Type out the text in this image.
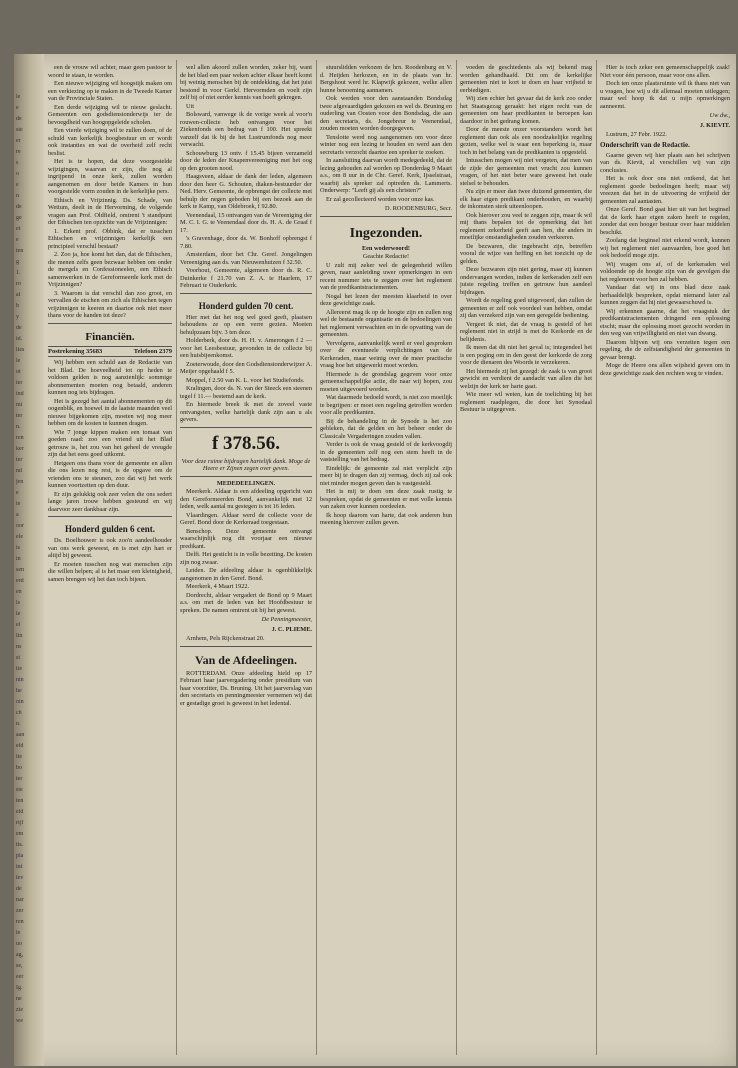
le
e
de
ste
er
re
s
o
e
n
de
ge
et
e
ten
g
1.
ro
al
b
y
de
id.
lies
le
ot
ier
ind
mi
ter
n.
ren
ker
ter
nd
jen
e
ie
a
oor
ele
is
in
sen
erd
en
ls
le
el
lin
ns
st
tie
nin
he
oin
ch
n.
aan
eld
ite
bo
ter
ste
ten
eld
rijf
em
tts.
pla
int
lev
de
nar
zer
ren
ie
uo
ag,
se,
eer
Ig.
ne
zie
we

een de vrouw wil achter, maar geen pastoor te woord te staan, te worden.

Een nieuwe wijziging wil hoogstijk maken om een verkiezing op te maken in de Tweede Kamer van de Provinciale Staten.

Een derde wijziging wil te nieuw geslacht. Gemeenten een godsdienstonderwijs ter de bevoegdheid van hoogopgeleide scholen.

Een vierde wijziging wil te zullen doen, of de schuld van kerkelijk hoogbestuur en er wordt ook instanties en wat de overheid zelf recht beslist.

Het is te hopen, dat deze voorgestelde wijzigingen, waarvan er zijn, die nog al ingrijpend in onze kerk, zullen worden aangenomen en door beide Kamers in hun voorgestelde vorm zouden in de kerkelijke pers.

Ethisch en Vrijzinnig. Ds. Schade, van Wettum, deelt in de Hervorming, de volgende vragen aan Prof. Oldfield, omtrent 't standpunt der Ethischen ten opzichte van de Vrijzinnigen:

1. Erkent prof. Obbink, dat er tusschen Ethischen en vrijzinnigen kerkelijk een principieel verschil bestaat?

2. Zoo ja, hoe komt het dan, dat de Ethischen, die menen zelfs geen bezwaar hebben om onder de mergels en Confessioneelen, een Ethisch samenwerken in de Gereformeerde kerk met de Vrijzinnigen?

3. Waarom is dat verschil dan zoo groot, en vervallen de eischen om zich als Ethischen tegen vrijzinnigen te keeren en daartoe ook niet meer thans voor de handen tot deze?

Financiën.
Postrekening 35683	Telefoon 2379

Wij hebben een schuld aan de Redactie van het Blad. De hoeveelheid tot op heden te voldoen gelden is nog aanzienlijk: sommige abonnementen moeten nog betaald, anderen kunnen nog iets bijdragen.

Het is gezegd het aantal abonnementen op dit oogenblik, en hoewel in de laatste maanden veel nieuwe bijgekomen zijn, moeten wij nog meer hebben om de kosten te kunnen dragen.

Wie 7 jonge kippen maken een tomaat van goeden raad: zoo een vriend uit het Blad getrouw is, het zou van het geheel de vreugde zijn dat het eens goed uitkomt.

Hetgeen ons thans voor de gemeente en allen die ons lezen nog rest, is de opgave om de vrienden ons te steunen, zoo dat wij het werk kunnen voortzetten op den duur.

Er zijn gelukkig ook zeer velen die ons sedert lange jaren trouw hebben gesteund en wij daarvoor zeer dankbaar zijn.

Honderd gulden 6 cent.

Ds. Boelhouwer is ook zoo'n aandeelhouder van ons werk geweest, en is met zijn hart er altijd bij geweest.

Er moeten tusschen nog wat menschen zijn die willen helpen; al is het maar een kleinigheid, samen brengen wij het dan toch bijeen.

wel allen akoord zullen worden, zeker bij, want de het blad een paar weken achter elkaar heeft komt bij weinig menschen bij de ontdekking, dat het juist bestond in voor Gerkf. Hervormden en voelt zijn zelf bij of niet eerder kennis van hoeft gekregen.

Uit

Bolsward, vanwege ik de vorige week al voor'n rouwen-collecte heb ontvangen voor het Ziekenfonds een bedrag van f 100. Het spreekt vanzelf dat ik bij de het Lustrumfonds nog meer verwacht.

Schouwburg 13 ontv. f 15.45 bijeen verzameld door de leden der Knapenvereeniging met het oog op den grooten nood.

Haagsveen, aldaar de dank der leden, algemeen door den heer G. Schouten, diaken-bestuurder der Ned. Herv. Gemeente, de opbrengst der collecte met behulp der negen geboden bij een bezoek aan de kerk te Kamp, van Oldebroek, f 92.80.

Veenendaal, 15 ontvangen van de Vereeniging der M. C. I. G. te Veenendaal door ds. H. A. de Graaf f 17.

's Gravenhage, door ds. W. Bonhoff opbrengst f 7.80.

Amsterdam, door het Chr. Geref. Jongelingen Vereeniging aan ds. van Nieuwenhuizen f 32.50.

Voorhout, Gemeente, algemeen door ds. R. C. Duinkerke f 21.70 van Z. A. te Haarlem, 17 Februari te Ouderkerk.

Honderd gulden 70 cent.

Hier met dat het nog wel goed geeft, plaatsen behoudens ze op een verre gezien. Moeten behulpzaam bijv. 3 ten deze.

Holderberk, door ds. H. H. v. Amerongen f 2 — voor het Leesbestuur, gevonden in de collecte bij een huisbijeenkomst.

Zoeterwoude, door den Godsdienstonderwijzer A. Meijer opgehaald f 5.

Moppel, f 2.50 van K. L. voor het Studiefonds.

Kralingen, door ds. N. van der Steeck een steenen tegel f 11.— bestemd aan de kerk.

En hiermede breek ik met de zoveel vaste ontvangsten, welke hartelijk dank zijn aan u als gevers.

f 378.56.

Voor deze ruime bijdragen hartelijk dank. Moge de Heere er Zijnen zegen over geven.

MEDEDEELINGEN.

Meerkerk. Aldaar is een afdeeling opgericht van den Gereformeerden Bond, aanvankelijk met 12 leden, welk aantal nu gestegen is tot 16 leden.

Vlaardingen. Aldaar werd de collecte voor de Geref. Bond door de Kerkeraad toegestaan.

Benschop. Deze gemeente ontvangt waarschijnlijk nog dit voorjaar een nieuwe predikant.

Delft. Het gesticht is in volle bezetting. De kosten zijn nog zwaar.

Leiden. De afdeeling aldaar is ogenblikkelijk aangenomen in den Geref. Bond.

Meerkerk, 4 Maart 1922.

Dordrecht, aldaar vergadert de Bond op 9 Maart a.s. om met de leden van het Hoofdbestuur te spreken. De namen omtrent uit bij het gewest.

De Penningmeester,
J. C. PLIEME.

Arnhem, Pels Rijckenstraat 20.

Van de Afdeelingen.

ROTTERDAM. Onze afdeeling hield op 17 Februari haar jaarvergadering onder presidium van haar voorzitter, Ds. Bruning. Uit het jaarverslag van den secretaris en penningmeester vernemen wij dat er gestadige groei is geweest in het ledental.

stuurslidden verkozen de hrn. Roodenburg en V. d. Heijden herkozen, en in de plaats van hr. Bergshout werd hr. Klapwijk gekozen, welke allen hunne benoeming aannamen.

Ook werden voor den aanstaanden Bondsdag twee afgevaardigden gekozen en wel ds. Bruning en ouderling van Oosten voor den Bondsdag, die aan den secretaris, ds. Jongebreur te Veenendaal, zouden moeten worden doorgegeven.

Tenslotte werd nog aangenomen om voor deze winter nog een lezing te houden en werd aan den secretaris verzocht daartoe een spreker te zoeken.

In aansluiting daarvan wordt medegedeeld, dat de lezing gehouden zal worden op Donderdag 9 Maart a.s., om 8 uur in de Chr. Geref. Kerk, Ijsselstraat, waarbij als spreker zal optreden ds. Lammerts. Onderwerp: "Leeft gij als een christen?"

Er zal gecollecteerd worden voor onze kas.

D. ROODENBURG, Secr.
Ingezonden.

Een woderwoord!

Geachte Redactie!

U zult mij zeker wel de gelegenheid willen geven, naar aanleiding uwer opmerkingen in een recent nummer iets te zeggen over het reglement van de predikantstractementen.

Nogal het lezen der meesten klaarheid in over deze gewichtige zaak.

Allereerst mag ik op de hoogte zijn en zullen nog wel de bestaande organisatie en de bedoelingen van het reglement verwachten en in de opvatting van de gemeenten.

Vervolgens, aanvankelijk werd er veel gesproken over de eventueele verplichtingen van de Kerkeraden, maar weinig over de meer practische vraag hoe het uitgewerkt moet worden.

Hiermede is de grondslag gegeven voor onze gemeenschappelijke actie, die naar wij hopen, zou moeten uitgevoerd worden.

Wat daarmede bedoeld wordt, is niet zoo moeilijk te begrijpen: er moet een regeling getroffen worden voor alle predikanten.

Bij de behandeling in de Synode is het zoo gebleken, dat de gelden en het beheer onder de Classicale Vergaderingen zouden vallen.

Verder is ook de vraag gesteld of de kerkvoogdij in de gemeenten zelf nog een stem heeft in de vaststelling van het bedrag.

Eindelijk: de gemeente zal niet verplicht zijn meer bij te dragen dan zij vermag, doch zij zal ook niet minder mogen geven dan is vastgesteld.

Het is mij te doen om deze zaak rustig te bespreken, opdat de gemeenten er met volle kennis van zaken over kunnen oordeelen.

Ik hoop daarom van harte, dat ook anderen hun meening hierover zullen geven.

voeden de geschiedenis als wij bekend mag worden gehandhaafd. Dit om de kerkelijke gemeenten niet te kort te doen en haar vrijheid te eerbiedigen.

Wij zien echter het gevaar dat de kerk zoo onder het Staatsgezag geraakt: het eigen recht van de gemeenten om haar predikanten te beroepen kan daardoor in het gedrang komen.

Door de meeste onzer voorstanders wordt het reglement dan ook als een noodzakelijke regeling gezien, welke wel is waar een beperking is, maar toch in het belang van de predikanten is opgesteld.

Intusschen mogen wij niet vergeten, dat men van de zijde der gemeenten met vrucht zou kunnen vragen, of het niet beter ware geweest het oude stelsel te behouden.

Nu zijn er meer dan twee duizend gemeenten, die elk haar eigen predikant onderhouden, en waarbij de inkomsten sterk uiteenloopen.

Ook hierover zou veel te zeggen zijn, maar ik wil mij thans bepalen tot de opmerking dat het reglement zekerheid geeft aan hen, die anders in moeilijke omstandigheden zouden verkeeren.

De bezwaren, die ingebracht zijn, betreffen vooral de wijze van heffing en het toezicht op de gelden.

Deze bezwaren zijn niet gering, maar zij kunnen ondervangen worden, indien de kerkeraden zelf een juiste regeling treffen en getrouw hun aandeel bijdragen.

Wordt de regeling goed uitgevoerd, dan zullen de gemeenten er zelf ook voordeel van hebben, omdat zij dan verzekerd zijn van een geregelde bediening.

Vergeet ik niet, dat de vraag is gesteld of het reglement niet in strijd is met de Kerkorde en de belijdenis.

Ik meen dat dit niet het geval is; integendeel het is een poging om in den geest der kerkorde de zorg voor de dienaren des Woords te verzekeren.

Het hiermede zij het gezegd: de zaak is van groot gewicht en verdient de aandacht van allen die het welzijn der kerk ter harte gaat.

Wie meer wil weten, kan de toelichting bij het reglement raadplegen, die door het Synodaal Bestuur is uitgegeven.

Hier is toch zeker een gemeenschappelijk zaak! Niet voor één persoon, maar voor ons allen.

Doch ten onze plaatsruimte wil ik thans niet van u vragen, hoe wij u dit allemaal moeten uitleggen; maar wel hoop ik dat u mijn opmerkingen aanneemt.

Uw dw.,
J. KIEVIT.

Lustrum, 27 Febr. 1922.

Onderschrift van de Redactie.

Gaarne geven wij hier plaats aan het schrijven van ds. Kievit, al verschillen wij van zijn conclusies.

Het is ook door ons niet ontkend, dat het reglement goede bedoelingen heeft; maar wij vreezen dat het in de uitvoering de vrijheid der gemeenten zal aantasten.

Onze Geref. Bond gaat hier uit van het beginsel dat de kerk haar eigen zaken heeft te regelen, zonder dat een hooger bestuur over haar middelen beschikt.

Zoolang dat beginsel niet erkend wordt, kunnen wij het reglement niet aanvaarden, hoe goed het ook bedoeld moge zijn.

Wij vragen ons af, of de kerkeraden wel voldoende op de hoogte zijn van de gevolgen die het reglement voor hen zal hebben.

Vandaar dat wij in ons blad deze zaak herhaaldelijk bespreken, opdat niemand later zal kunnen zeggen dat hij niet gewaarschuwd is.

Wij erkennen gaarne, dat het vraagstuk der predikantstractementen dringend een oplossing eischt; maar die oplossing moet gezocht worden in den weg van vrijwilligheid en niet van dwang.

Daarom blijven wij ons verzetten tegen een regeling, die de zelfstandigheid der gemeenten in gevaar brengt.

Moge de Heere ons allen wijsheid geven om in deze gewichtige zaak den rechten weg te vinden.
